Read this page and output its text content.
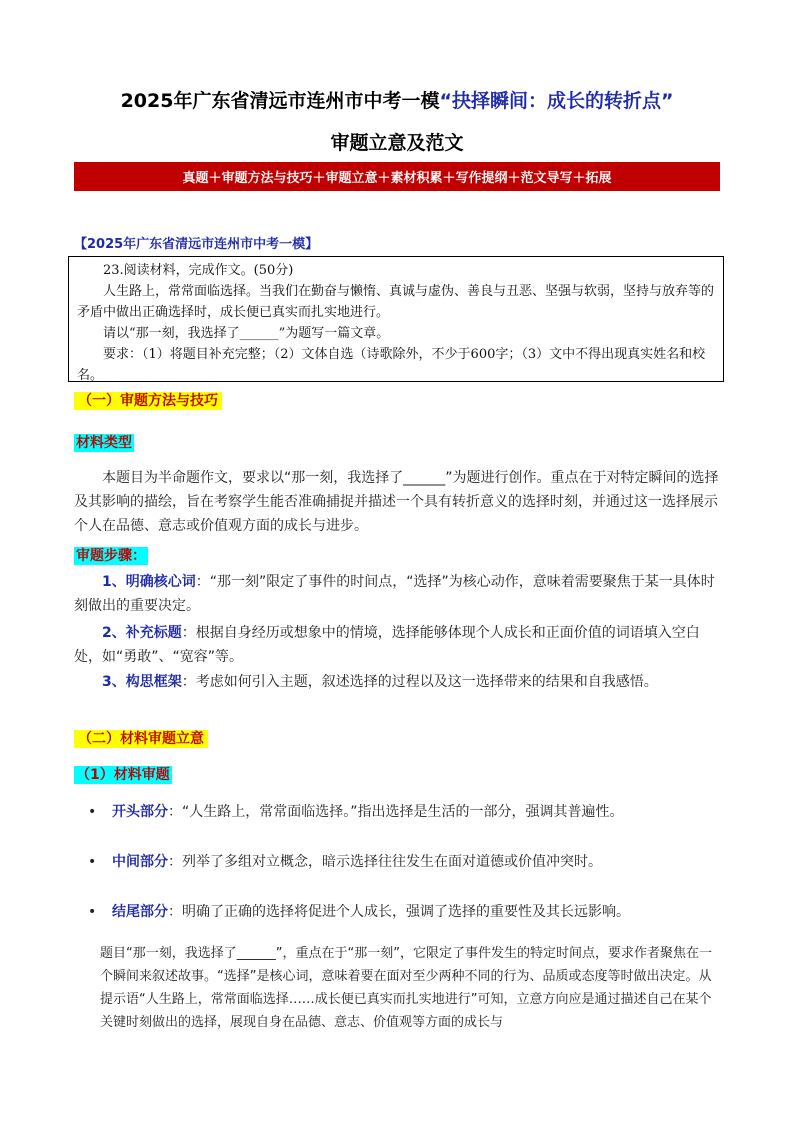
2025年广东省清远市连州市中考一模“抉择瞬间：成长的转折点”
审题立意及范文
真题＋审题方法与技巧＋审题立意＋素材积累＋写作提纲＋范文导写＋拓展
【2025年广东省清远市连州市中考一模】

23.阅读材料，完成作文。(50分)

人生路上，常常面临选择。当我们在勤奋与懒惰、真诚与虚伪、善良与丑恶、坚强与软弱，坚持与放弃等的矛盾中做出正确选择时，成长便已真实而扎实地进行。

请以“那一刻，我选择了______”为题写一篇文章。

要求：（1）将题目补充完整；（2）文体自选（诗歌除外，不少于600字；（3）文中不得出现真实姓名和校名。

（一）审题方法与技巧
材料类型
本题目为半命题作文，要求以“那一刻，我选择了______”为题进行创作。重点在于对特定瞬间的选择及其影响的描绘，旨在考察学生能否准确捕捉并描述一个具有转折意义的选择时刻，并通过这一选择展示个人在品德、意志或价值观方面的成长与进步。
审题步骤：
1、明确核心词：“那一刻”限定了事件的时间点，“选择”为核心动作，意味着需要聚焦于某一具体时刻做出的重要决定。
2、补充标题：根据自身经历或想象中的情境，选择能够体现个人成长和正面价值的词语填入空白处，如“勇敢”、“宽容”等。
3、构思框架：考虑如何引入主题，叙述选择的过程以及这一选择带来的结果和自我感悟。
（二）材料审题立意
（1）材料审题
• 开头部分：“人生路上，常常面临选择。”指出选择是生活的一部分，强调其普遍性。
• 中间部分：列举了多组对立概念，暗示选择往往发生在面对道德或价值冲突时。
• 结尾部分：明确了正确的选择将促进个人成长，强调了选择的重要性及其长远影响。
题目“那一刻，我选择了______”，重点在于“那一刻”，它限定了事件发生的特定时间点，要求作者聚焦在一个瞬间来叙述故事。“选择”是核心词，意味着要在面对至少两种不同的行为、品质或态度等时做出决定。从提示语“人生路上，常常面临选择……成长便已真实而扎实地进行”可知，立意方向应是通过描述自己在某个关键时刻做出的选择，展现自身在品德、意志、价值观等方面的成长与
